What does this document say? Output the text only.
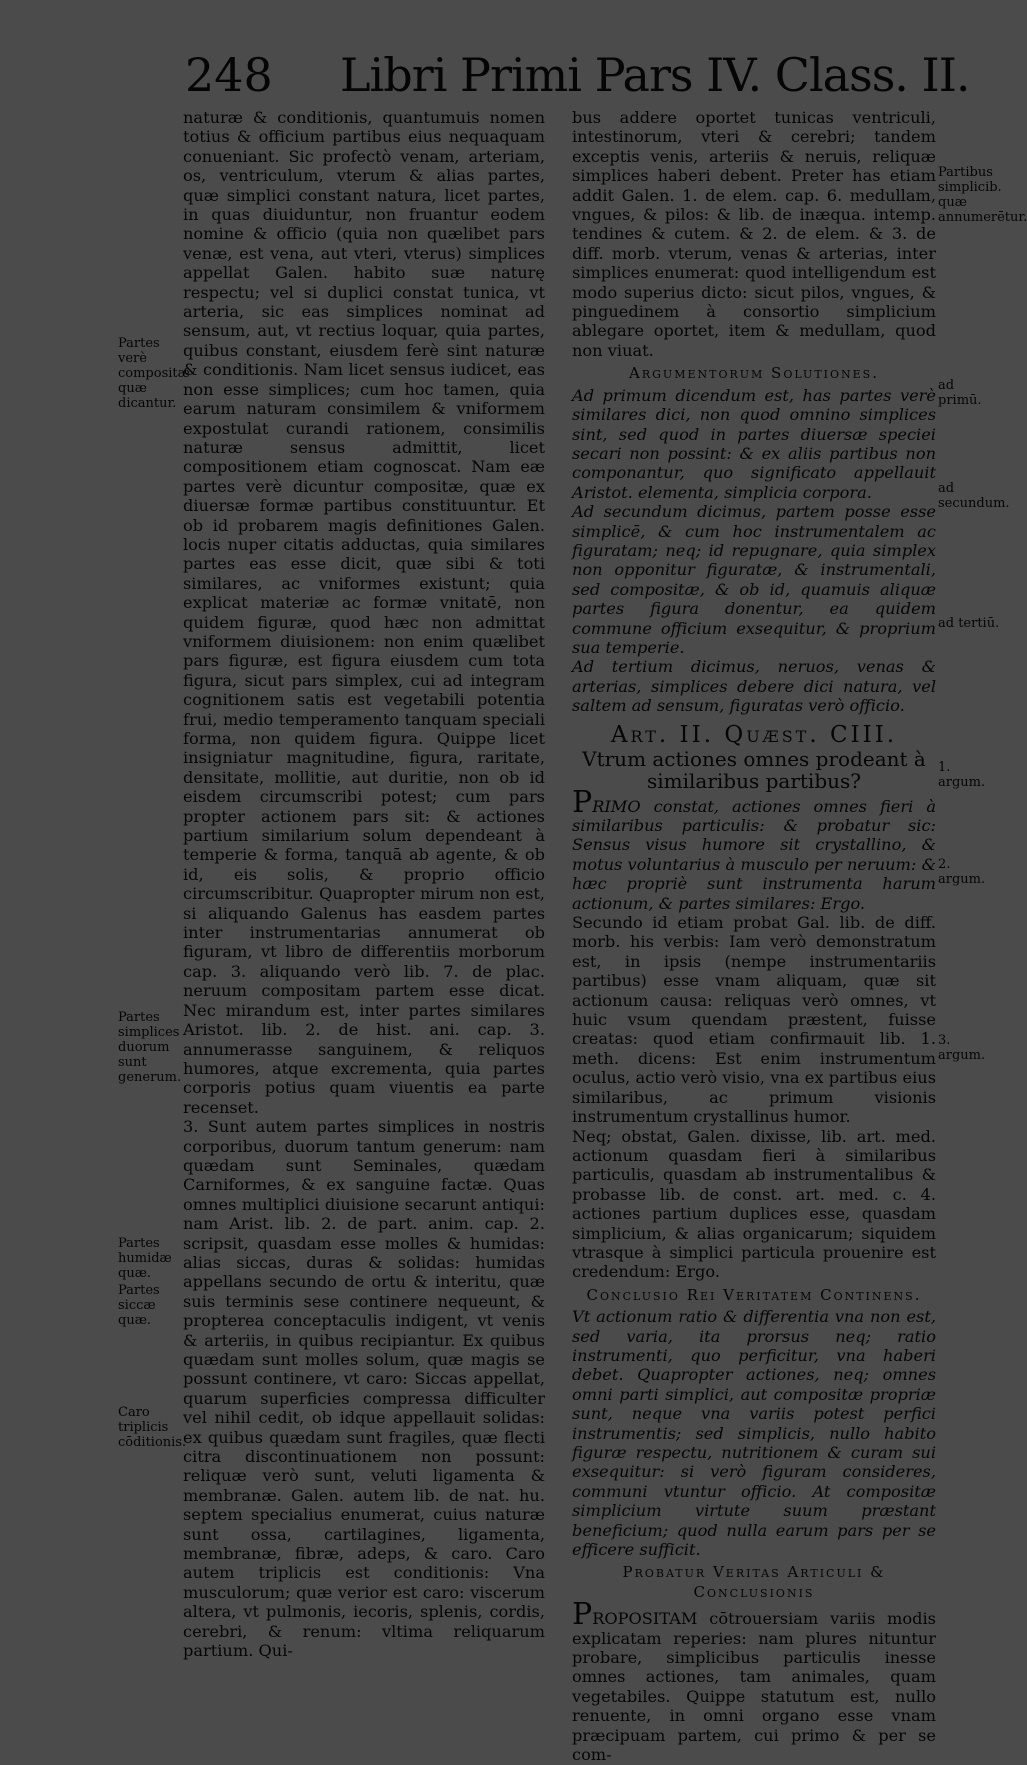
248 Libri Primi Pars IV. Class. II.

naturæ & conditionis, quantumuis nomen totius & officium partibus eius nequaquam conueniant. Sic profectò venam, arteriam, os, ventriculum, vterum & alias partes, quæ simplici constant natura, licet partes, in quas diuiduntur, non fruantur eodem nomine & officio (quia non quælibet pars venæ, est vena, aut vteri, vterus) simplices appellat Galen. habito suæ naturę respectu; vel si duplici constat tunica, vt arteria, sic eas simplices nominat ad sensum, aut, vt rectius loquar, quia partes, quibus constant, eiusdem ferè sint naturæ & conditionis. Nam licet sensus iudicet, eas non esse simplices; cum hoc tamen, quia earum naturam consimilem & vniformem expostulat curandi rationem, consimilis naturæ sensus admittit, licet compositionem etiam cognoscat. Nam eæ partes verè dicuntur compositæ, quæ ex diuersæ formæ partibus constituuntur. Et ob id probarem magis definitiones Galen. locis nuper citatis adductas, quia similares partes eas esse dicit, quæ sibi & toti similares, ac vniformes existunt; quia explicat materiæ ac formæ vnitatē, non quidem figuræ, quod hæc non admittat vniformem diuisionem: non enim quælibet pars figuræ, est figura eiusdem cum tota figura, sicut pars simplex, cui ad integram cognitionem satis est vegetabili potentia frui, medio temperamento tanquam speciali forma, non quidem figura. Quippe licet insigniatur magnitudine, figura, raritate, densitate, mollitie, aut duritie, non ob id eisdem circumscribi potest; cum pars propter actionem pars sit: & actiones partium similarium solum dependeant à temperie & forma, tanquā ab agente, & ob id, eis solis, & proprio officio circumscribitur. Quapropter mirum non est, si aliquando Galenus has easdem partes inter instrumentarias annumerat ob figuram, vt libro de differentiis morborum cap. 3. aliquando verò lib. 7. de plac. neruum compositam partem esse dicat. Nec mirandum est, inter partes similares Aristot. lib. 2. de hist. ani. cap. 3. annumerasse sanguinem, & reliquos humores, atque excrementa, quia partes corporis potius quam viuentis ea parte recenset.

3. Sunt autem partes simplices in nostris corporibus, duorum tantum generum: nam quædam sunt Seminales, quædam Carniformes, & ex sanguine factæ. Quas omnes multiplici diuisione secarunt antiqui: nam Arist. lib. 2. de part. anim. cap. 2. scripsit, quasdam esse molles & humidas: alias siccas, duras & solidas: humidas appellans secundo de ortu & interitu, quæ suis terminis sese continere nequeunt, & propterea conceptaculis indigent, vt venis & arteriis, in quibus recipiantur. Ex quibus quædam sunt molles solum, quæ magis se possunt continere, vt caro: Siccas appellat, quarum superficies compressa difficulter vel nihil cedit, ob idque appellauit solidas: ex quibus quædam sunt fragiles, quæ flecti citra discontinuationem non possunt: reliquæ verò sunt, veluti ligamenta & membranæ. Galen. autem lib. de nat. hu. septem specialius enumerat, cuius naturæ sunt ossa, cartilagines, ligamenta, membranæ, fibræ, adeps, & caro. Caro autem triplicis est conditionis: Vna musculorum; quæ verior est caro: viscerum altera, vt pulmonis, iecoris, splenis, cordis, cerebri, & renum: vltima reliquarum partium. Qui-

bus addere oportet tunicas ventriculi, intestinorum, vteri & cerebri; tandem exceptis venis, arteriis & neruis, reliquæ simplices haberi debent. Preter has etiam addit Galen. 1. de elem. cap. 6. medullam, vngues, & pilos: & lib. de inæqua. intemp. tendines & cutem. & 2. de elem. & 3. de diff. morb. vterum, venas & arterias, inter simplices enumerat: quod intelligendum est modo superius dicto: sicut pilos, vngues, & pinguedinem à consortio simplicium ablegare oportet, item & medullam, quod non viuat.

Argumentorum Solutiones.

Ad primum dicendum est, has partes verè similares dici, non quod omnino simplices sint, sed quod in partes diuersæ speciei secari non possint: & ex aliis partibus non componantur, quo significato appellauit Aristot. elementa, simplicia corpora.

Ad secundum dicimus, partem posse esse simplicē, & cum hoc instrumentalem ac figuratam; neq; id repugnare, quia simplex non opponitur figuratæ, & instrumentali, sed compositæ, & ob id, quamuis aliquæ partes figura donentur, ea quidem commune officium exsequitur, & proprium sua temperie.

Ad tertium dicimus, neruos, venas & arterias, simplices debere dici natura, vel saltem ad sensum, figuratas verò officio.

Art. II. Quæst. CIII.

Vtrum actiones omnes prodeant à similaribus partibus?

PRIMO constat, actiones omnes fieri à similaribus particulis: & probatur sic: Sensus visus humore sit crystallino, & motus voluntarius à musculo per neruum: & hæc propriè sunt instrumenta harum actionum, & partes similares: Ergo.

Secundo id etiam probat Gal. lib. de diff. morb. his verbis: Iam verò demonstratum est, in ipsis (nempe instrumentariis partibus) esse vnam aliquam, quæ sit actionum causa: reliquas verò omnes, vt huic vsum quendam præstent, fuisse creatas: quod etiam confirmauit lib. 1. meth. dicens: Est enim instrumentum oculus, actio verò visio, vna ex partibus eius similaribus, ac primum visionis instrumentum crystallinus humor.

Neq; obstat, Galen. dixisse, lib. art. med. actionum quasdam fieri à similaribus particulis, quasdam ab instrumentalibus & probasse lib. de const. art. med. c. 4. actiones partium duplices esse, quasdam simplicium, & alias organicarum; siquidem vtrasque à simplici particula prouenire est credendum: Ergo.

Conclusio Rei Veritatem Continens.

Vt actionum ratio & differentia vna non est, sed varia, ita prorsus neq; ratio instrumenti, quo perficitur, vna haberi debet. Quapropter actiones, neq; omnes omni parti simplici, aut compositæ propriæ sunt, neque vna variis potest perfici instrumentis; sed simplicis, nullo habito figuræ respectu, nutritionem & curam sui exsequitur: si verò figuram consideres, communi vtuntur officio. At compositæ simplicium virtute suum præstant beneficium; quod nulla earum pars per se efficere sufficit.

Probatur Veritas Articuli & Conclusionis

PROPOSITAM cōtrouersiam variis modis explicatam reperies: nam plures nituntur probare, simplicibus particulis inesse omnes actiones, tam animales, quam vegetabiles. Quippe statutum est, nullo renuente, in omni organo esse vnam præcipuam partem, cui primo & per se com-

Partes verè compositæ quæ dicantur.
Partes simplices duorum sunt generum.
Partes humidæ quæ.
Partes siccæ quæ.
Caro triplicis cōditionis.
Partibus simplicib. quæ annumerētur.
ad primū.
ad secundum.
ad tertiū.
1. argum.
2. argum.
3. argum.
